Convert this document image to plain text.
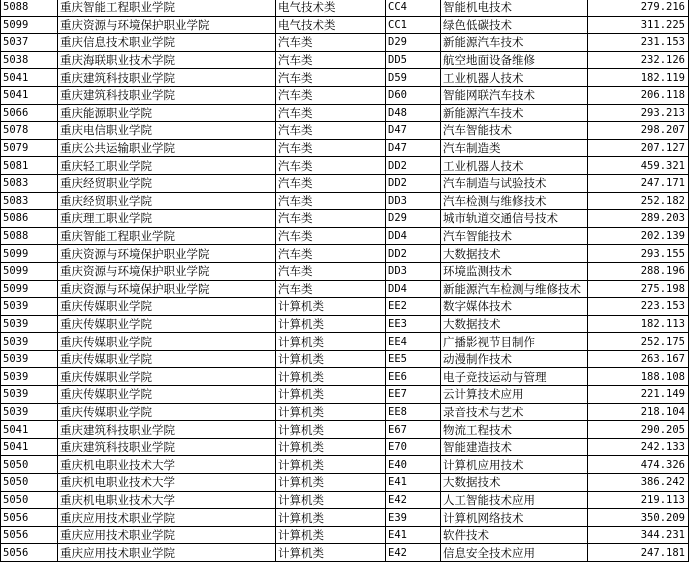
5088	重庆智能工程职业学院	电气技术类	CC4	智能机电技术	279.216
5099	重庆资源与环境保护职业学院	电气技术类	CC1	绿色低碳技术	311.225
5037	重庆信息技术职业学院	汽车类	D29	新能源汽车技术	231.153
5038	重庆海联职业技术学院	汽车类	DD5	航空地面设备维修	232.126
5041	重庆建筑科技职业学院	汽车类	D59	工业机器人技术	182.119
5041	重庆建筑科技职业学院	汽车类	D60	智能网联汽车技术	206.118
5066	重庆能源职业学院	汽车类	D48	新能源汽车技术	293.213
5078	重庆电信职业学院	汽车类	D47	汽车智能技术	298.207
5079	重庆公共运输职业学院	汽车类	D47	汽车制造类	207.127
5081	重庆轻工职业学院	汽车类	DD2	工业机器人技术	459.321
5083	重庆经贸职业学院	汽车类	DD2	汽车制造与试验技术	247.171
5083	重庆经贸职业学院	汽车类	DD3	汽车检测与维修技术	252.182
5086	重庆理工职业学院	汽车类	D29	城市轨道交通信号技术	289.203
5088	重庆智能工程职业学院	汽车类	DD4	汽车智能技术	202.139
5099	重庆资源与环境保护职业学院	汽车类	DD2	大数据技术	293.155
5099	重庆资源与环境保护职业学院	汽车类	DD3	环境监测技术	288.196
5099	重庆资源与环境保护职业学院	汽车类	DD4	新能源汽车检测与维修技术	275.198
5039	重庆传媒职业学院	计算机类	EE2	数字媒体技术	223.153
5039	重庆传媒职业学院	计算机类	EE3	大数据技术	182.113
5039	重庆传媒职业学院	计算机类	EE4	广播影视节目制作	252.175
5039	重庆传媒职业学院	计算机类	EE5	动漫制作技术	263.167
5039	重庆传媒职业学院	计算机类	EE6	电子竞技运动与管理	188.108
5039	重庆传媒职业学院	计算机类	EE7	云计算技术应用	221.149
5039	重庆传媒职业学院	计算机类	EE8	录音技术与艺术	218.104
5041	重庆建筑科技职业学院	计算机类	E67	物流工程技术	290.205
5041	重庆建筑科技职业学院	计算机类	E70	智能建造技术	242.133
5050	重庆机电职业技术大学	计算机类	E40	计算机应用技术	474.326
5050	重庆机电职业技术大学	计算机类	E41	大数据技术	386.242
5050	重庆机电职业技术大学	计算机类	E42	人工智能技术应用	219.113
5056	重庆应用技术职业学院	计算机类	E39	计算机网络技术	350.209
5056	重庆应用技术职业学院	计算机类	E41	软件技术	344.231
5056	重庆应用技术职业学院	计算机类	E42	信息安全技术应用	247.181
